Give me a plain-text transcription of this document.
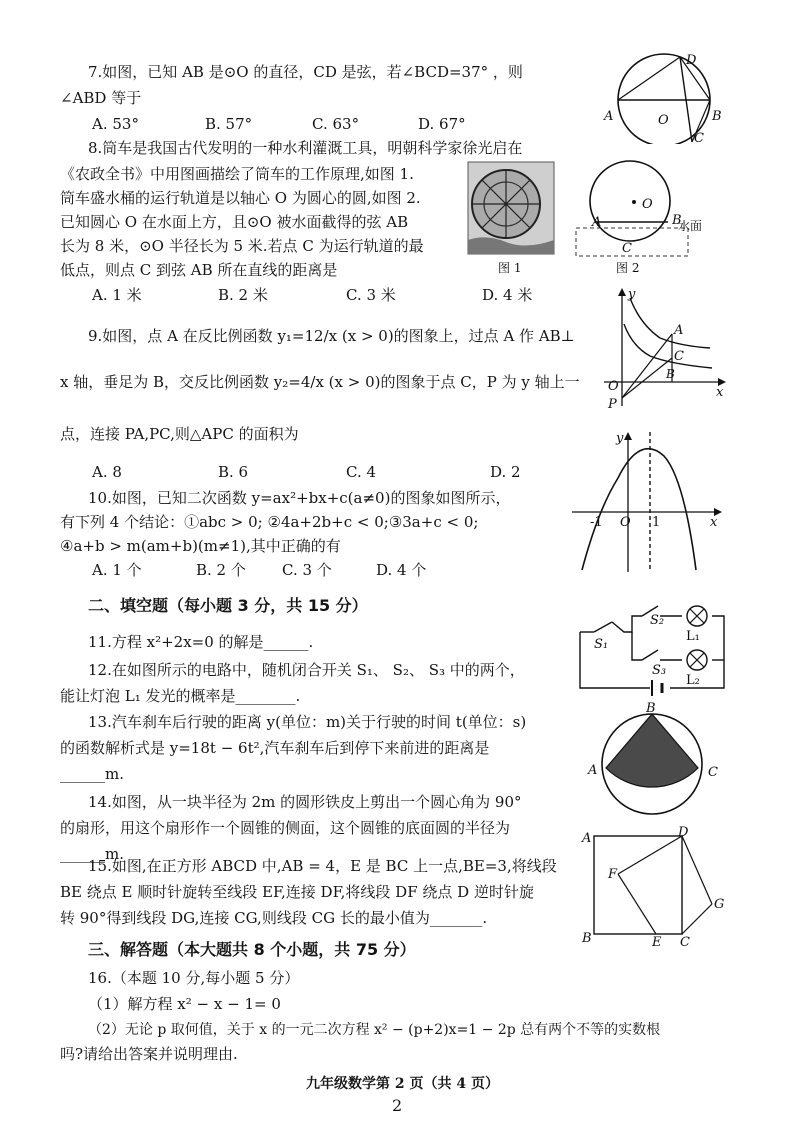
7.如图，已知 AB 是⊙O 的直径，CD 是弦，若∠BCD=37° ，则
∠ABD 等于
A. 53°	B. 57°	C. 63°	D. 67°	A	B
D
C
O
8.筒车是我国古代发明的一种水利灌溉工具，明朝科学家徐光启在
《农政全书》中用图画描绘了筒车的工作原理,如图 1.
筒车盛水桶的运行轨道是以轴心 O 为圆心的圆,如图 2.
已知圆心 O 在水面上方，且⊙O 被水面截得的弦 AB
长为 8 米，⊙O 半径长为 5 米.若点 C 为运行轨道的最
低点，则点 C 到弦 AB 所在直线的距离是
A. 1 米	B. 2 米	C. 3 米	D. 4 米
图 1
O
A	B
C
水面
图 2
9.如图，点 A 在反比例函数 y₁=12/x (x > 0)的图象上，过点 A 作 AB⊥
x 轴，垂足为 B，交反比例函数 y₂=4/x (x > 0)的图象于点 C，P 为 y 轴上一
点，连接 PA,PC,则△APC 的面积为
A. 8	B. 6	C. 4	D. 2
y
x
A
C
B
O
P
10.如图，已知二次函数 y=ax²+bx+c(a≠0)的图象如图所示，
有下列 4 个结论：①abc > 0; ②4a+2b+c < 0;③3a+c < 0;
④a+b > m(am+b)(m≠1),其中正确的有
A. 1 个	B. 2 个 C. 3 个	D. 4 个
y
x
-1 O 1
二、填空题（每小题 3 分，共 15 分）
11.方程 x²+2x=0 的解是______.
12.在如图所示的电路中，随机闭合开关 S₁、 S₂、 S₃ 中的两个，
能让灯泡 L₁ 发光的概率是________.
S₁
S₂
S₃
L₁
L₂
13.汽车刹车后行驶的距离 y(单位：m)关于行驶的时间 t(单位：s)
的函数解析式是 y=18t − 6t²,汽车刹车后到停下来前进的距离是
______m.
14.如图，从一块半径为 2m 的圆形铁皮上剪出一个圆心角为 90°
的扇形，用这个扇形作一个圆锥的侧面，这个圆锥的底面圆的半径为
______m.
B
A	C
15.如图,在正方形 ABCD 中,AB = 4，E 是 BC 上一点,BE=3,将线段
BE 绕点 E 顺时针旋转至线段 EF,连接 DF,将线段 DF 绕点 D 逆时针旋
转 90°得到线段 DG,连接 CG,则线段 CG 长的最小值为_______.
A	D
F
G
B	E C
三、解答题（本大题共 8 个小题，共 75 分）
16.（本题 10 分,每小题 5 分）
（1）解方程 x² − x − 1= 0
（2）无论 p 取何值，关于 x 的一元二次方程 x² − (p+2)x=1 − 2p 总有两个不等的实数根
吗?请给出答案并说明理由.
九年级数学第 2 页（共 4 页）
2
